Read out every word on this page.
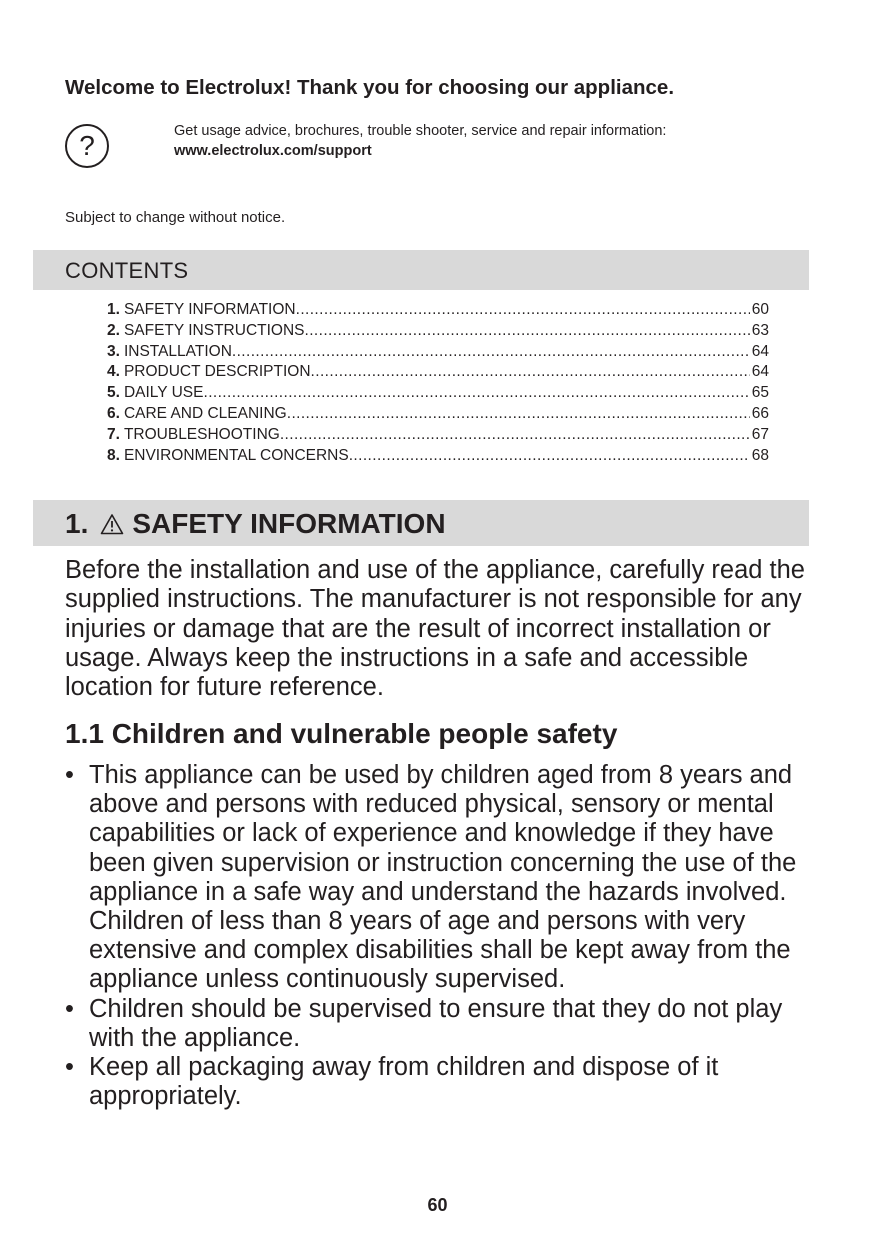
Welcome to Electrolux! Thank you for choosing our appliance.
?	Get usage advice, brochures, trouble shooter, service and repair information:
www.electrolux.com/support
Subject to change without notice.
CONTENTS
1. SAFETY INFORMATION .....	60
2. SAFETY INSTRUCTIONS .....	63
3. INSTALLATION .....	64
4. PRODUCT DESCRIPTION .....	64
5. DAILY USE .....	65
6. CARE AND CLEANING .....	66
7. TROUBLESHOOTING .....	67
8. ENVIRONMENTAL CONCERNS .....	68
1. SAFETY INFORMATION

Before the installation and use of the appliance, carefully read the supplied instructions. The manufacturer is not responsible for any injuries or damage that are the result of incorrect installation or usage. Always keep the instructions in a safe and accessible location for future reference.

1.1 Children and vulnerable people safety
• This appliance can be used by children aged from 8 years and above and persons with reduced physical, sensory or mental capabilities or lack of experience and knowledge if they have been given supervision or instruction concerning the use of the appliance in a safe way and understand the hazards involved. Children of less than 8 years of age and persons with very extensive and complex disabilities shall be kept away from the appliance unless continuously supervised.
• Children should be supervised to ensure that they do not play with the appliance.
• Keep all packaging away from children and dispose of it appropriately.
60
